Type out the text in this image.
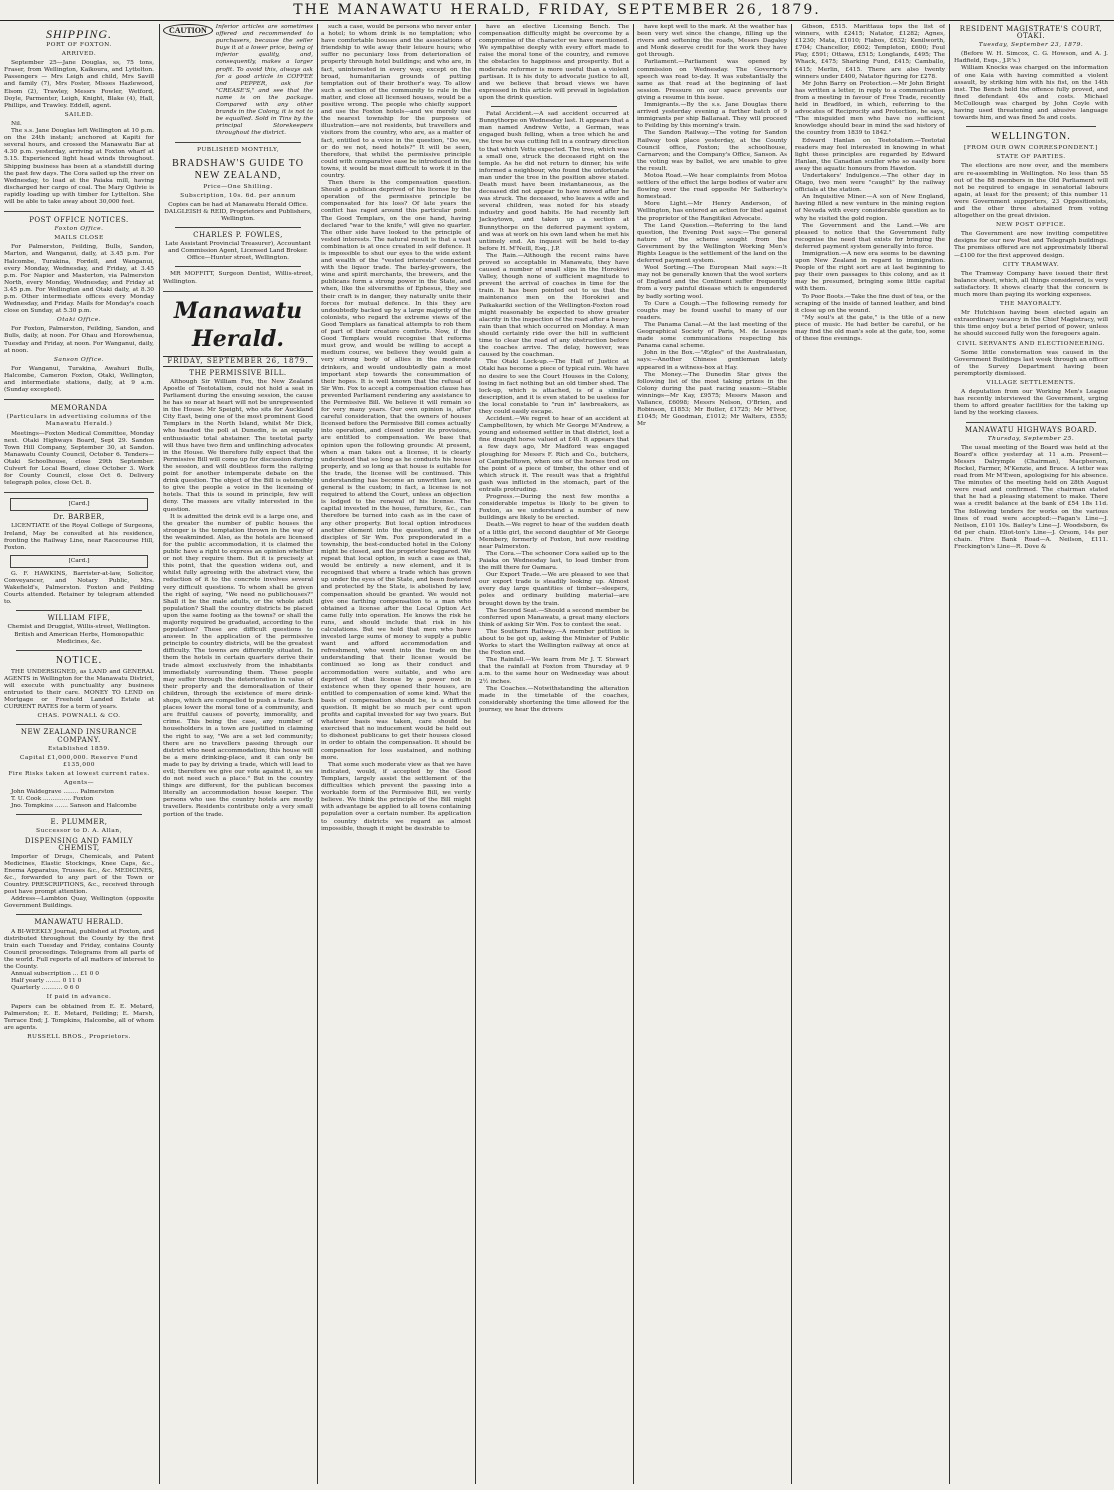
THE MANAWATU HERALD, FRIDAY, SEPTEMBER 26, 1879.
SHIPPING.
PORT OF FOXTON.
ARRIVED.

September 25—Jane Douglas, ss, 75 tons, Fraser, from Wellington, Kaikoura, and Lyttelton. Passengers — Mrs Leigh and child, Mrs Savill and family (7), Mrs Foster, Misses Hazlewood, Elsom (2), Trawley, Messrs Fowler, Wetford, Doyle, Parmenter, Leigh, Knight, Blake (4), Hall, Phillips, and Trawley. Eddell, agent.

SAILED.

Nil.

The s.s. Jane Douglas left Wellington at 10 p.m. on the 24th instant; anchored at Kapiti for several hours, and crossed the Manawatu Bar at 4.30 p.m. yesterday, arriving at Foxton wharf at 5.15. Experienced light head winds throughout. Shipping business has been at a standstill during the past few days. The Cora sailed up the river on Wednesday, to load at the Paiaka mill, having discharged her cargo of coal. The Mary Ogilvie is rapidly loading up with timber for Lyttelton. She will be able to take away about 30,000 feet.

POST OFFICE NOTICES.
Foxton Office.
MAILS CLOSE

For Palmerston, Feilding, Bulls, Sandon, Marton, and Wanganui, daily, at 3.45 p.m. For Halcombe, Turakina, Fordell, and Wanganui, every Monday, Wednesday, and Friday, at 3.45 p.m. For Napier and Masterton, via Palmerston North, every Monday, Wednesday, and Friday at 3.45 p.m. For Wellington and Otaki daily, at 8.30 p.m. Other intermediate offices every Monday Wednesday, and Friday. Mails for Monday's coach close on Sunday, at 5.30 p.m.

Otaki Office.

For Foxton, Palmerston, Feilding, Sandon, and Bulls, daily, at noon. For Ohau and Horowhenua, Tuesday and Friday, at noon. For Wanganui, daily, at noon.

Sanson Office.

For Wanganui, Turakina, Awahuri Bulls, Halcombe, Cameron Foxton, Otaki, Wellington, and intermediate stations, daily, at 9 a.m. (Sunday excepted).

MEMORANDA
(Particulars in advertising columns of the Manawatu Herald.)

Meetings—Foxton Medical Committee, Monday next. Otaki Highways Board, Sept 29. Sandon Town Hill Company, September 30, at Sandon. Manawatu County Council, October 6. Tenders—Otaki Schoolhouse, close 29th September. Culvert for Local Board, close October 3. Work for County Council, close Oct 6. Delivery telegraph poles, close Oct. 8.

[Card.]
Dr. BARBER,

LICENTIATE of the Royal College of Surgeons, Ireland, May be consulted at his residence, fronting the Railway Line, near Racecourse Hill, Foxton.

[Card.]

G. F. HAWKINS, Barrister-at-law, Solicitor, Conveyancer, and Notary Public, Mrs. Wakefield's, Palmerston. Foxton and Feilding Courts attended. Retainer by telegram attended to.

WILLIAM FIFE,

Chemist and Druggist, Willis-street, Wellington. British and American Herbs, Homœopathic Medicines, &c.

NOTICE.

THE UNDERSIGNED, as LAND and GENERAL AGENTS in Wellington for the Manawatu District, will execute with punctuality any business entrusted to their care. MONEY TO LEND on Mortgage or Freehold Landed Estate at CURRENT RATES for a term of years.

CHAS. POWNALL & CO.
NEW ZEALAND INSURANCE COMPANY.
Established 1859.
Capital £1,000,000. Reserve Fund £135,000
Fire Risks taken at lowest current rates.
Agents—

John Waldegrave ........ Palmerston

T. U. Cook ............... Foxton

Jno. Tompkins ....... Sanson and Halcombe

E. PLUMMER,
Successor to D. A. Allan,
DISPENSING AND FAMILY CHEMIST,

Importer of Drugs, Chemicals, and Patent Medicines, Elastic Stockings, Knee Caps, &c., Enema Apparatus, Trusses &c., &c. MEDICINES, &c., forwarded to any part of the Town or Country. PRESCRIPTIONS, &c., received through post have prompt attention.

Address—Lambton Quay, Wellington (opposite Government Buildings.

MANAWATU HERALD.

A BI-WEEKLY Journal, published at Foxton, and distributed throughout the County by the first train each Tuesday and Friday, contains County Council proceedings. Telegrams from all parts of the world. Full reports of all matters of interest to the County.

Annual subscription ... £1 0 0

Half yearly ........ 0 11 0

Quarterly ........... 0 6 0

If paid in advance.

Papers can be obtained from E. E. Metard, Palmerston; E. E. Metard, Feilding; E. Marsh, Terrace End; J. Tompkins, Halcombe, all of whom are agents.

RUSSELL BROS., Proprietors.
CAUTION	Inferior articles are sometimes offered and recommended to purchasers, because the seller buys it at a lower price, being of inferior quality, and, consequently, makes a larger profit. To avoid this, always ask for a good article in COFFEE and PEPPER, ask for "CREASE'S," and see that the name is on the package. Compared with any other brands in the Colony, it is not to be equalled. Sold in Tins by the principal Storekeepers throughout the district.

PUBLISHED MONTHLY,
BRADSHAW'S GUIDE TO NEW ZEALAND,
Price—One Shilling.
Subscription, 10s. 6d. per annum

Copies can be had at Manawatu Herald Office.

DALGLEISH & REID, Proprietors and Publishers, Wellington.

CHARLES P. FOWLES,

Late Assistant Provincial Treasurer), Accountant and Commission Agent, Licensed Land Broker. Office—Hunter street, Wellington.

MR MOFFITT, Surgeon Dentist, Willis-street, Wellington.

Manawatu Herald.
FRIDAY, SEPTEMBER 26, 1879.
THE PERMISSIVE BILL.

Although Sir William Fox, the New Zealand Apostle of Teetotalism, could not hold a seat in Parliament during the ensuing session, the cause he has so near at heart will not be unrepresented in the House. Mr Speight, who sits for Auckland City East, being one of the most prominent Good Templars in the North Island, whilst Mr Dick, who headed the poll at Dunedin, is an equally enthusiastic total abstainer. The teetotal party will thus have two firm and unflinching advocates in the House. We therefore fully expect that the Permissive Bill will come up for discussion during the session, and will doubtless form the rallying point for another intemperate debate on the drink question. The object of the Bill is ostensibly to give the people a voice in the licensing of hotels. That this is sound in principle, few will deny. The masses are vitally interested in the question.

It is admitted the drink evil is a large one, and the greater the number of public houses the stronger is the temptation thrown in the way of the weakminded. Also, as the hotels are licensed for the public accommodation, it is claimed the public have a right to express an opinion whether or not they require them. But it is precisely at this point, that the question widens out, and whilst fully agreeing with the abstract view, the reduction of it to the concrete involves several very difficult questions. To whom shall be given the right of saying, "We need no publichouses?" Shall it be the male adults, or the whole adult population? Shall the country districts be placed upon the same footing as the towns? or shall the majority required be graduated, according to the population? These are difficult questions to answer. In the application of the permissive principle to country districts, will be the greatest difficulty. The towns are differently situated. In them the hotels in certain quarters derive their trade almost exclusively from the inhabitants immediately surrounding them. These people may suffer through the deterioration in value of their property and the demoralisation of their children, through the existence of mere drink-shops, which are compelled to push a trade. Such places lower the moral tone of a community, and are fruitful causes of poverty, immorality, and crime. This being the case, any number of householders in a town are justified in claiming the right to say, "We are a set led community; there are no travellers passing through our district who need accommodation; this house will be a mere drinking-place, and it can only be made to pay by driving a trade, which will lead to evil; therefore we give our vote against it, as we do not need such a place." But in the country things are different, for the publican becomes literally an accommodation house keeper. The persons who use the country hotels are mostly travellers. Residents contribute only a very small portion of the trade.

such a case, would be persons who never enter a hotel; to whom drink is no temptation; who have comfortable houses and the associations of friendship to wile away their leisure hours; who suffer no pecuniary loss from deterioration of property through hotel buildings; and who are, in fact, uninterested in every way, except on the broad, humanitarian grounds of putting temptation out of their brother's way. To allow such a section of the community to rule in the matter, and close all licensed houses, would be a positive wrong. The people who chiefly support and use the Foxton hotels—and we merely use the nearest township for the purposes of illustration—are not residents, but travellers and visitors from the country, who are, as a matter of fact, entitled to a voice in the question, "Do we, or do we not, need hotels?" It will be seen, therefore, that whilst the permissive principle could with comparative ease be introduced in the towns, it would be most difficult to work it in the country.

Then there is the compensation question. Should a publican deprived of his license by the operation of the permissive principle be compensated for his loss? Of late years the conflict has raged around this particular point. The Good Templars, on the one hand, having declared "war to the knife," will give no quarter. The other side have looked to the principle of vested interests. The natural result is that a vast combination is at once created in self defence. It is impossible to shut our eyes to the wide extent and wealth of the "vested interests" connected with the liquor trade. The barley-growers, the wine and spirit merchants, the brewers, and the publicans form a strong power in the State, and when, like the silversmiths of Ephesus, they see their craft is in danger, they naturally unite their forces for mutual defence. In this they are undoubtedly backed up by a large majority of the colonists, who regard the extreme views of the Good Templars as fanatical attempts to rob them of part of their creature comforts. Now, if the Good Templars would recognise that reforms must grow, and would be willing to accept a medium course, we believe they would gain a very strong body of allies in the moderate drinkers, and would undoubtedly gain a most important step towards the consummation of their hopes. It is well known that the refusal of Sir Wm. Fox to accept a compensation clause has prevented Parliament rendering any assistance to the Permissive Bill. We believe it will remain so for very many years. Our own opinion is, after careful consideration, that the owners of houses licensed before the Permissive Bill comes actually into operation, and closed under its provisions, are entitled to compensation. We base that opinion upon the following grounds: At present, when a man takes out a license, it is clearly understood that so long as he conducts his house properly, and so long as that house is suitable for the trade, the license will be continued. This understanding has become an unwritten law, so general is the custom; in fact, a license is not required to attend the Court, unless an objection is lodged to the renewal of his license. The capital invested in the house, furniture, &c., can therefore be turned into cash as in the case of any other property. But local option introduces another element into the question, and if the disciples of Sir Wm. Fox preponderated in a township, the best-conducted hotel in the Colony might be closed, and the proprietor beggared. We repeat that local option, in such a case as that, would be entirely a new element, and it is recognised that where a trade which has grown up under the eyes of the State, and been fostered and protected by the State, is abolished by law, compensation should be granted. We would not give one farthing compensation to a man who obtained a license after the Local Option Act came fully into operation. He knows the risk he runs, and should include that risk in his calculations. But we hold that men who have invested large sums of money to supply a public want and afford accommodation and refreshment, who went into the trade on the understanding that their license would be continued so long as their conduct and accommodation were suitable, and who are deprived of that license by a power not in existence when they opened their houses, are entitled to compensation of some kind. What the basis of compensation should be, is a difficult question. It might be so much per cent upon profits and capital invested for say two years. But whatever basis was taken, care should be exercised that no inducement would be held out to dishonest publicans to get their houses closed in order to obtain the compensation. It should be compensation for loss sustained, and nothing more.

That some such moderate view as that we have indicated, would, if accepted by the Good Templars, largely assist the settlement of the difficulties which prevent the passing into a workable form of the Permissive Bill, we verily believe. We think the principle of the Bill might with advantage be applied to all towns containing population over a certain number. Its application to country districts we regard as almost impossible, though it might be desirable to

have an elective Licensing Bench. The compensation difficulty might be overcome by a compromise of the character we have mentioned. We sympathise deeply with every effort made to raise the moral tone of the country, and remove the obstacles to happiness and prosperity. But a moderate reformer is more useful than a violent partisan. It is his duty to advocate justice to all, and we believe that broad views we have expressed in this article will prevail in legislation upon the drink question.

Fatal Accident.—A sad accident occurred at Bunnythorpe on Wednesday last. It appears that a man named Andrew Vette, a German, was engaged bush felling, when a tree which he and the tree he was cutting fell in a contrary direction to that which Vette expected. The tree, which was a small one, struck the deceased right on the temple. As he did not return to dinner, his wife informed a neighbour, who found the unfortunate man under the tree in the position above stated. Death must have been instantaneous, as the deceased did not appear to have moved after he was struck. The deceased, who leaves a wife and several children, was noted for his steady industry and good habits. He had recently left Jacksytown, and taken up a section at Bunnythorpe on the deferred payment system, and was at work on his own land when he met his untimely end. An inquest will be held to-day before H. M'Neill, Esq., J.P.

The Rain.—Although the recent rains have proved so acceptable in Manawatu, they have caused a number of small slips in the Horokiwi Valley, though none of sufficient magnitude to prevent the arrival of coaches in time for the train. It has been pointed out to us that the maintenance men on the Horokiwi and Paikakariki section of the Wellington-Foxton road might reasonably be expected to show greater alacrity in the inspection of the road after a heavy rain than that which occurred on Monday. A man should certainly ride over the hill in sufficient time to clear the road of any obstruction before the coaches arrive. The delay, however, was caused by the coachman.

The Otaki Lock-up.—The Hall of Justice at Otaki has become a piece of typical ruin. We have no desire to see the Court Houses in the Colony, losing in fact nothing but an old timber shed. The lock-up, which is attached, is of a similar description, and it is even stated to be useless for the local constable to "run in" lawbreakers, as they could easily escape.

Accident.—We regret to hear of an accident at Campbelltown, by which Mr George M'Andrew, a young and esteemed settler in that district, lost a fine draught horse valued at £40. It appears that a few days ago, Mr Madford was engaged ploughing for Messrs F. Rich and Co., butchers, of Campbelltown, when one of the horses trod on the point of a piece of timber, the other end of which struck it. The result was that a frightful gash was inflicted in the stomach, part of the entrails protruding.

Progress.—During the next few months a considerable impetus is likely to be given to Foxton, as we understand a number of new buildings are likely to be erected.

Death.—We regret to hear of the sudden death of a little girl, the second daughter of Mr George Membery, formerly of Foxton, but now residing near Palmerston.

The Cora.—The schooner Cora sailed up to the Paiaka on Wednesday last, to load timber from the mill there for Oamaru.

Our Export Trade.—We are pleased to see that our export trade is steadily looking up. Almost every day large quantities of timber—sleepers, poles and ordinary building material—are brought down by the train.

The Second Seat.—Should a second member be conferred upon Manawatu, a great many electors think of asking Sir Wm. Fox to contest the seat.

The Southern Railway.—A member petition is about to be got up, asking the Minister of Public Works to start the Wellington railway at once at the Foxton end.

The Rainfall.—We learn from Mr J. T. Stewart that the rainfall at Foxton from Thursday at 9 a.m. to the same hour on Wednesday was about 2½ inches.

The Coaches.—Notwithstanding the alteration made in the timetable of the coaches, considerably shortening the time allowed for the journey, we hear the drivers

have kept well to the mark. At the weather has been very wet since the change, filling up the rivers and softening the roads, Messrs Dagaley and Monk deserve credit for the work they have got through.

Parliament.—Parliament was opened by commission on Wednesday. The Governor's speech was read to-day. It was substantially the same as that read at the beginning of last session. Pressure on our space prevents our giving a resume in this issue.

Immigrants.—By the s.s. Jane Douglas there arrived yesterday evening a further batch of 9 immigrants per ship Ballaraat. They will proceed to Feilding by this morning's train.

The Sandon Railway.—The voting for Sandon Railway took place yesterday, at the County Council office, Foxton; the schoolhouse, Carnarvon; and the Company's Office, Sanson. As the voting was by ballot, we are unable to give the result.

Motoa Road.—We hear complaints from Motoa settlers of the effect the large bodies of water are flowing over the road opposite Mr Satherley's homestead.

More Light.—Mr Henry Anderson, of Wellington, has entered an action for libel against the proprietor of the Rangitikei Advocate.

The Land Question.—Referring to the land question, the Evening Post says:—The general nature of the scheme sought from the Government by the Wellington Working Men's Rights League is the settlement of the land on the deferred payment system.

Wool Sorting.—The European Mail says:—It may not be generally known that the wool sorters of England and the Continent suffer frequently from a very painful disease which is engendered by badly sorting wool.

To Cure a Cough.—The following remedy for coughs may be found useful to many of our readers.

The Panama Canal.—At the last meeting of the Geographical Society of Paris, M. de Lesseps made some communications respecting his Panama canal scheme.

John in the Box.—"Ægles" of the Australasian, says:—Another Chinese gentleman lately appeared in a witness-box at Hay.

The Money.—The Dunedin Star gives the following list of the most taking prizes in the Colony during the past racing season:—Stable winnings—Mr Kay, £9575; Messrs Mason and Vallance, £6098; Messrs Nelson, O'Brien, and Robinson, £1853; Mr Butler, £1725; Mr M'Ivor, £1045; Mr Goodman, £1012; Mr Walters, £555; Mr

Gibson, £515. Marittaua tops the list of winners, with £2415; Natator, £1282; Agnes, £1230; Mata, £1010; Flabos, £632; Kenilworth, £704; Chancellor, £602; Templeton, £600; Foul Play, £591; Ottawa, £515; Longlands, £495; The Whack, £475; Sharking Fund, £415; Camballo, £415; Merlin, £415. There are also twenty winners under £400, Natator figuring for £278.

Mr John Barry on Protection.—Mr John Bright has written a letter, in reply to a communication from a meeting in favour of Free Trade, recently held in Bradford, in which, referring to the advocates of Reciprocity and Protection, he says, "The misguided men who have no sufficient knowledge should bear in mind the sad history of the country from 1839 to 1842."

Edward Hanlan on Teetotalism.—Teetotal readers may feel interested in knowing in what light these principles are regarded by Edward Hanlan, the Canadian sculler who so easily bore away the aquatic honours from Hawdon.

Undertakers' Indulgence.—The other day in Otago, two men were "caught" by the railway officials at the station.

An Inquisitive Miner.—A son of New England, having filled a new venture in the mining region of Nevada with every considerable question as to why he visited the gold region.

The Government and the Land.—We are pleased to notice that the Government fully recognise the need that exists for bringing the deferred payment system generally into force.

Immigration.—A new era seems to be dawning upon New Zealand in regard to immigration. People of the right sort are at last beginning to pay their own passages to this colony, and as it may be presumed, bringing some little capital with them.

To Poor Boots.—Take the fine dust of tea, or the scraping of the inside of tanned leather, and bind it close up on the wound.

"My soul's at the gate," is the title of a new piece of music. He had better be careful, or he may find the old man's sole at the gate, too, some of these fine evenings.

RESIDENT MAGISTRATE'S COURT, OTAKI.
Tuesday, September 23, 1879.

(Before W. H. Simcox, C. G. Howson, and A. J. Hadfield, Esqs., J.P.'s.)

William Knocks was charged on the information of one Kaia with having committed a violent assault, by striking him with his fist, on the 14th inst. The Bench held the offence fully proved, and fined defendant 40s and costs. Michael McCollough was charged by John Coyle with having used threatening and abusive language towards him, and was fined 5s and costs.

WELLINGTON.
[FROM OUR OWN CORRESPONDENT.]
STATE OF PARTIES.

The elections are now over, and the members are re-assembling in Wellington. No less than 55 out of the 88 members in the Old Parliament will not be required to engage in senatorial labours again, at least for the present; of this number 11 were Government supporters, 23 Oppositionists, and the other three abstained from voting altogether on the great division.

NEW POST OFFICE.

The Government are now inviting competitive designs for our new Post and Telegraph buildings. The premises offered are not approximately liberal—£100 for the first approved design.

CITY TRAMWAY.

The Tramway Company have issued their first balance sheet, which, all things considered, is very satisfactory. It shows clearly that the concern is much more than paying its working expenses.

THE MAYORALTY.

Mr Hutchison having been elected again an extraordinary vacancy in the Chief Magistracy, will this time enjoy but a brief period of power, unless he should succeed fully won the foregoers again.

CIVIL SERVANTS AND ELECTIONEERING.

Some little consternation was caused in the Government Buildings last week through an officer of the Survey Department having been peremptorily dismissed.

VILLAGE SETTLEMENTS.

A deputation from our Working Men's League has recently interviewed the Government, urging them to afford greater facilities for the taking up land by the working classes.

MANAWATU HIGHWAYS BOARD.
Thursday, September 25.

The usual meeting of the Board was held at the Board's office yesterday at 11 a.m. Present—Messrs Dalrymple (Chairman), Macpherson, Rockel, Farmer, M'Kenzie, and Bruce. A letter was read from Mr M'Ewen, apologising for his absence. The minutes of the meeting held on 28th August were read and confirmed. The chairman stated that he had a pleasing statement to make. There was a credit balance at the bank of £54 18s 11d. The following tenders for works on the various lines of road were accepted:—Fagan's Line—J. Neilson, £101 10s. Bailey's Line—J. Woodsborn, 6s 6d per chain. Eliot-ton's Line—J. Orsom, 14s per chain. Fitre Bank Road—A. Neilson, £111. Freckington's Line—R. Dove &
